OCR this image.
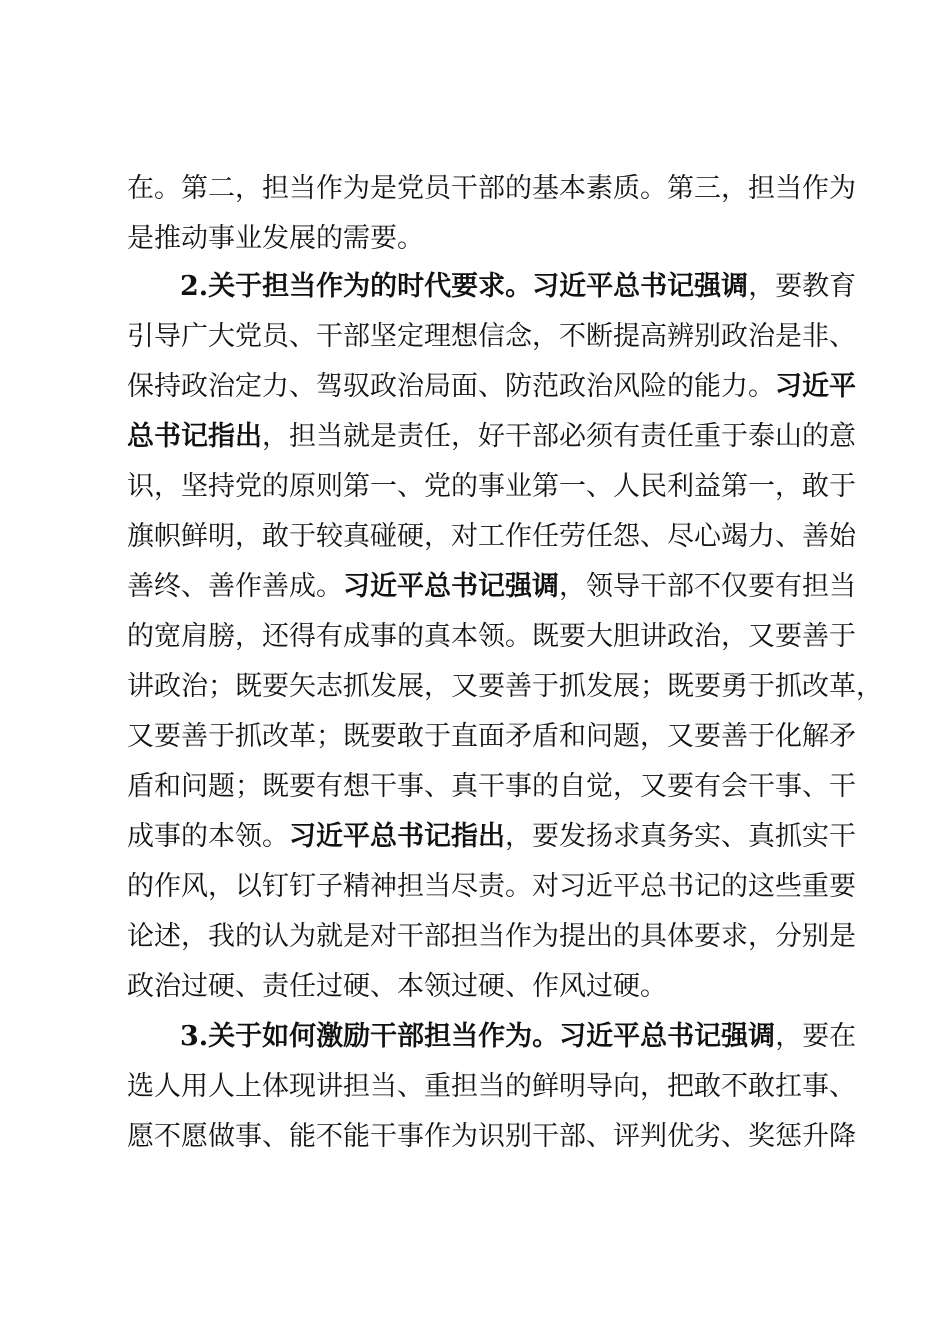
在。第二，担当作为是党员干部的基本素质。第三，担当作为
是推动事业发展的需要。
2.关于担当作为的时代要求。习近平总书记强调，要教育
引导广大党员、干部坚定理想信念，不断提高辨别政治是非、
保持政治定力、驾驭政治局面、防范政治风险的能力。习近平
总书记指出，担当就是责任，好干部必须有责任重于泰山的意
识，坚持党的原则第一、党的事业第一、人民利益第一，敢于
旗帜鲜明，敢于较真碰硬，对工作任劳任怨、尽心竭力、善始
善终、善作善成。习近平总书记强调，领导干部不仅要有担当
的宽肩膀，还得有成事的真本领。既要大胆讲政治，又要善于
讲政治；既要矢志抓发展，又要善于抓发展；既要勇于抓改革，
又要善于抓改革；既要敢于直面矛盾和问题，又要善于化解矛
盾和问题；既要有想干事、真干事的自觉，又要有会干事、干
成事的本领。习近平总书记指出，要发扬求真务实、真抓实干
的作风，以钉钉子精神担当尽责。对习近平总书记的这些重要
论述，我的认为就是对干部担当作为提出的具体要求，分别是
政治过硬、责任过硬、本领过硬、作风过硬。
3.关于如何激励干部担当作为。习近平总书记强调，要在
选人用人上体现讲担当、重担当的鲜明导向，把敢不敢扛事、
愿不愿做事、能不能干事作为识别干部、评判优劣、奖惩升降
